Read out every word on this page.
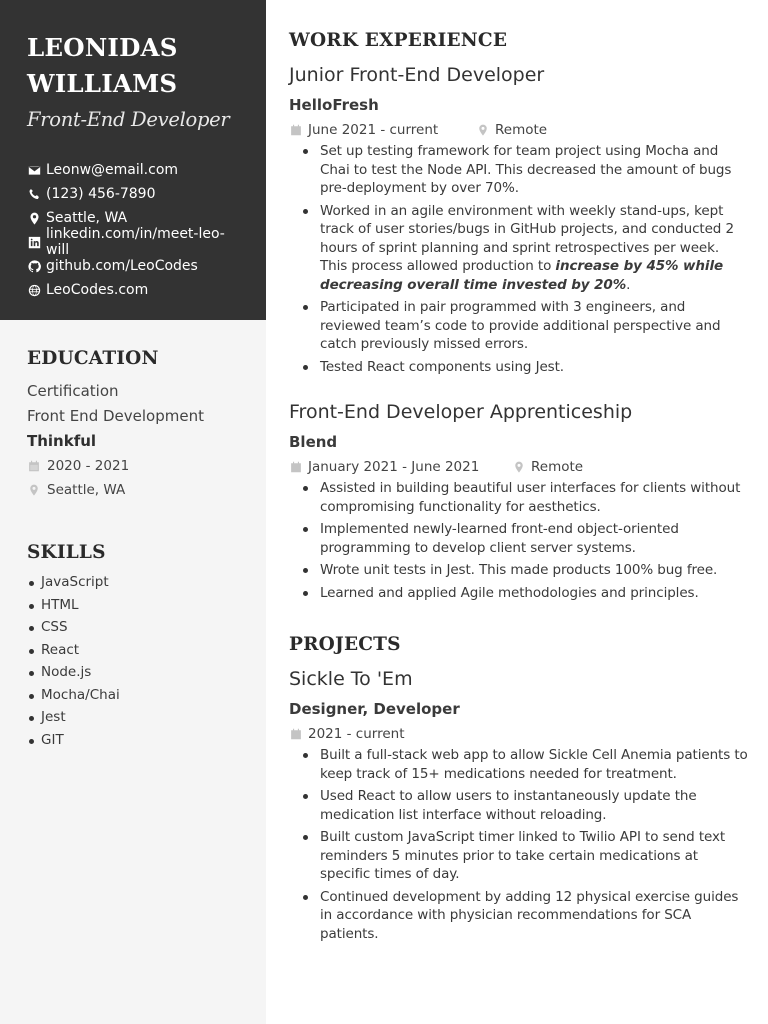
LEONIDAS
WILLIAMS
Front-End Developer
Leonw@email.com
(123) 456-7890
Seattle, WA
linkedin.com/in/meet-leo-will
github.com/LeoCodes
LeoCodes.com
EDUCATION
Certification
Front End Development
Thinkful
2020 - 2021
Seattle, WA
SKILLS
JavaScript
HTML
CSS
React
Node.js
Mocha/Chai
Jest
GIT
WORK EXPERIENCE
Junior Front-End Developer
HelloFresh
June 2021 - current	Remote
Set up testing framework for team project using Mocha and Chai to test the Node API. This decreased the amount of bugs pre-deployment by over 70%.
Worked in an agile environment with weekly stand-ups, kept track of user stories/bugs in GitHub projects, and conducted 2 hours of sprint planning and sprint retrospectives per week. This process allowed production to increase by 45% while decreasing overall time invested by 20%.
Participated in pair programmed with 3 engineers, and reviewed team’s code to provide additional perspective and catch previously missed errors.
Tested React components using Jest.
Front-End Developer Apprenticeship
Blend
January 2021 - June 2021	Remote
Assisted in building beautiful user interfaces for clients without compromising functionality for aesthetics.
Implemented newly-learned front-end object-oriented programming to develop client server systems.
Wrote unit tests in Jest. This made products 100% bug free.
Learned and applied Agile methodologies and principles.
PROJECTS
Sickle To 'Em
Designer, Developer
2021 - current
Built a full-stack web app to allow Sickle Cell Anemia patients to keep track of 15+ medications needed for treatment.
Used React to allow users to instantaneously update the medication list interface without reloading.
Built custom JavaScript timer linked to Twilio API to send text reminders 5 minutes prior to take certain medications at specific times of day.
Continued development by adding 12 physical exercise guides in accordance with physician recommendations for SCA patients.
